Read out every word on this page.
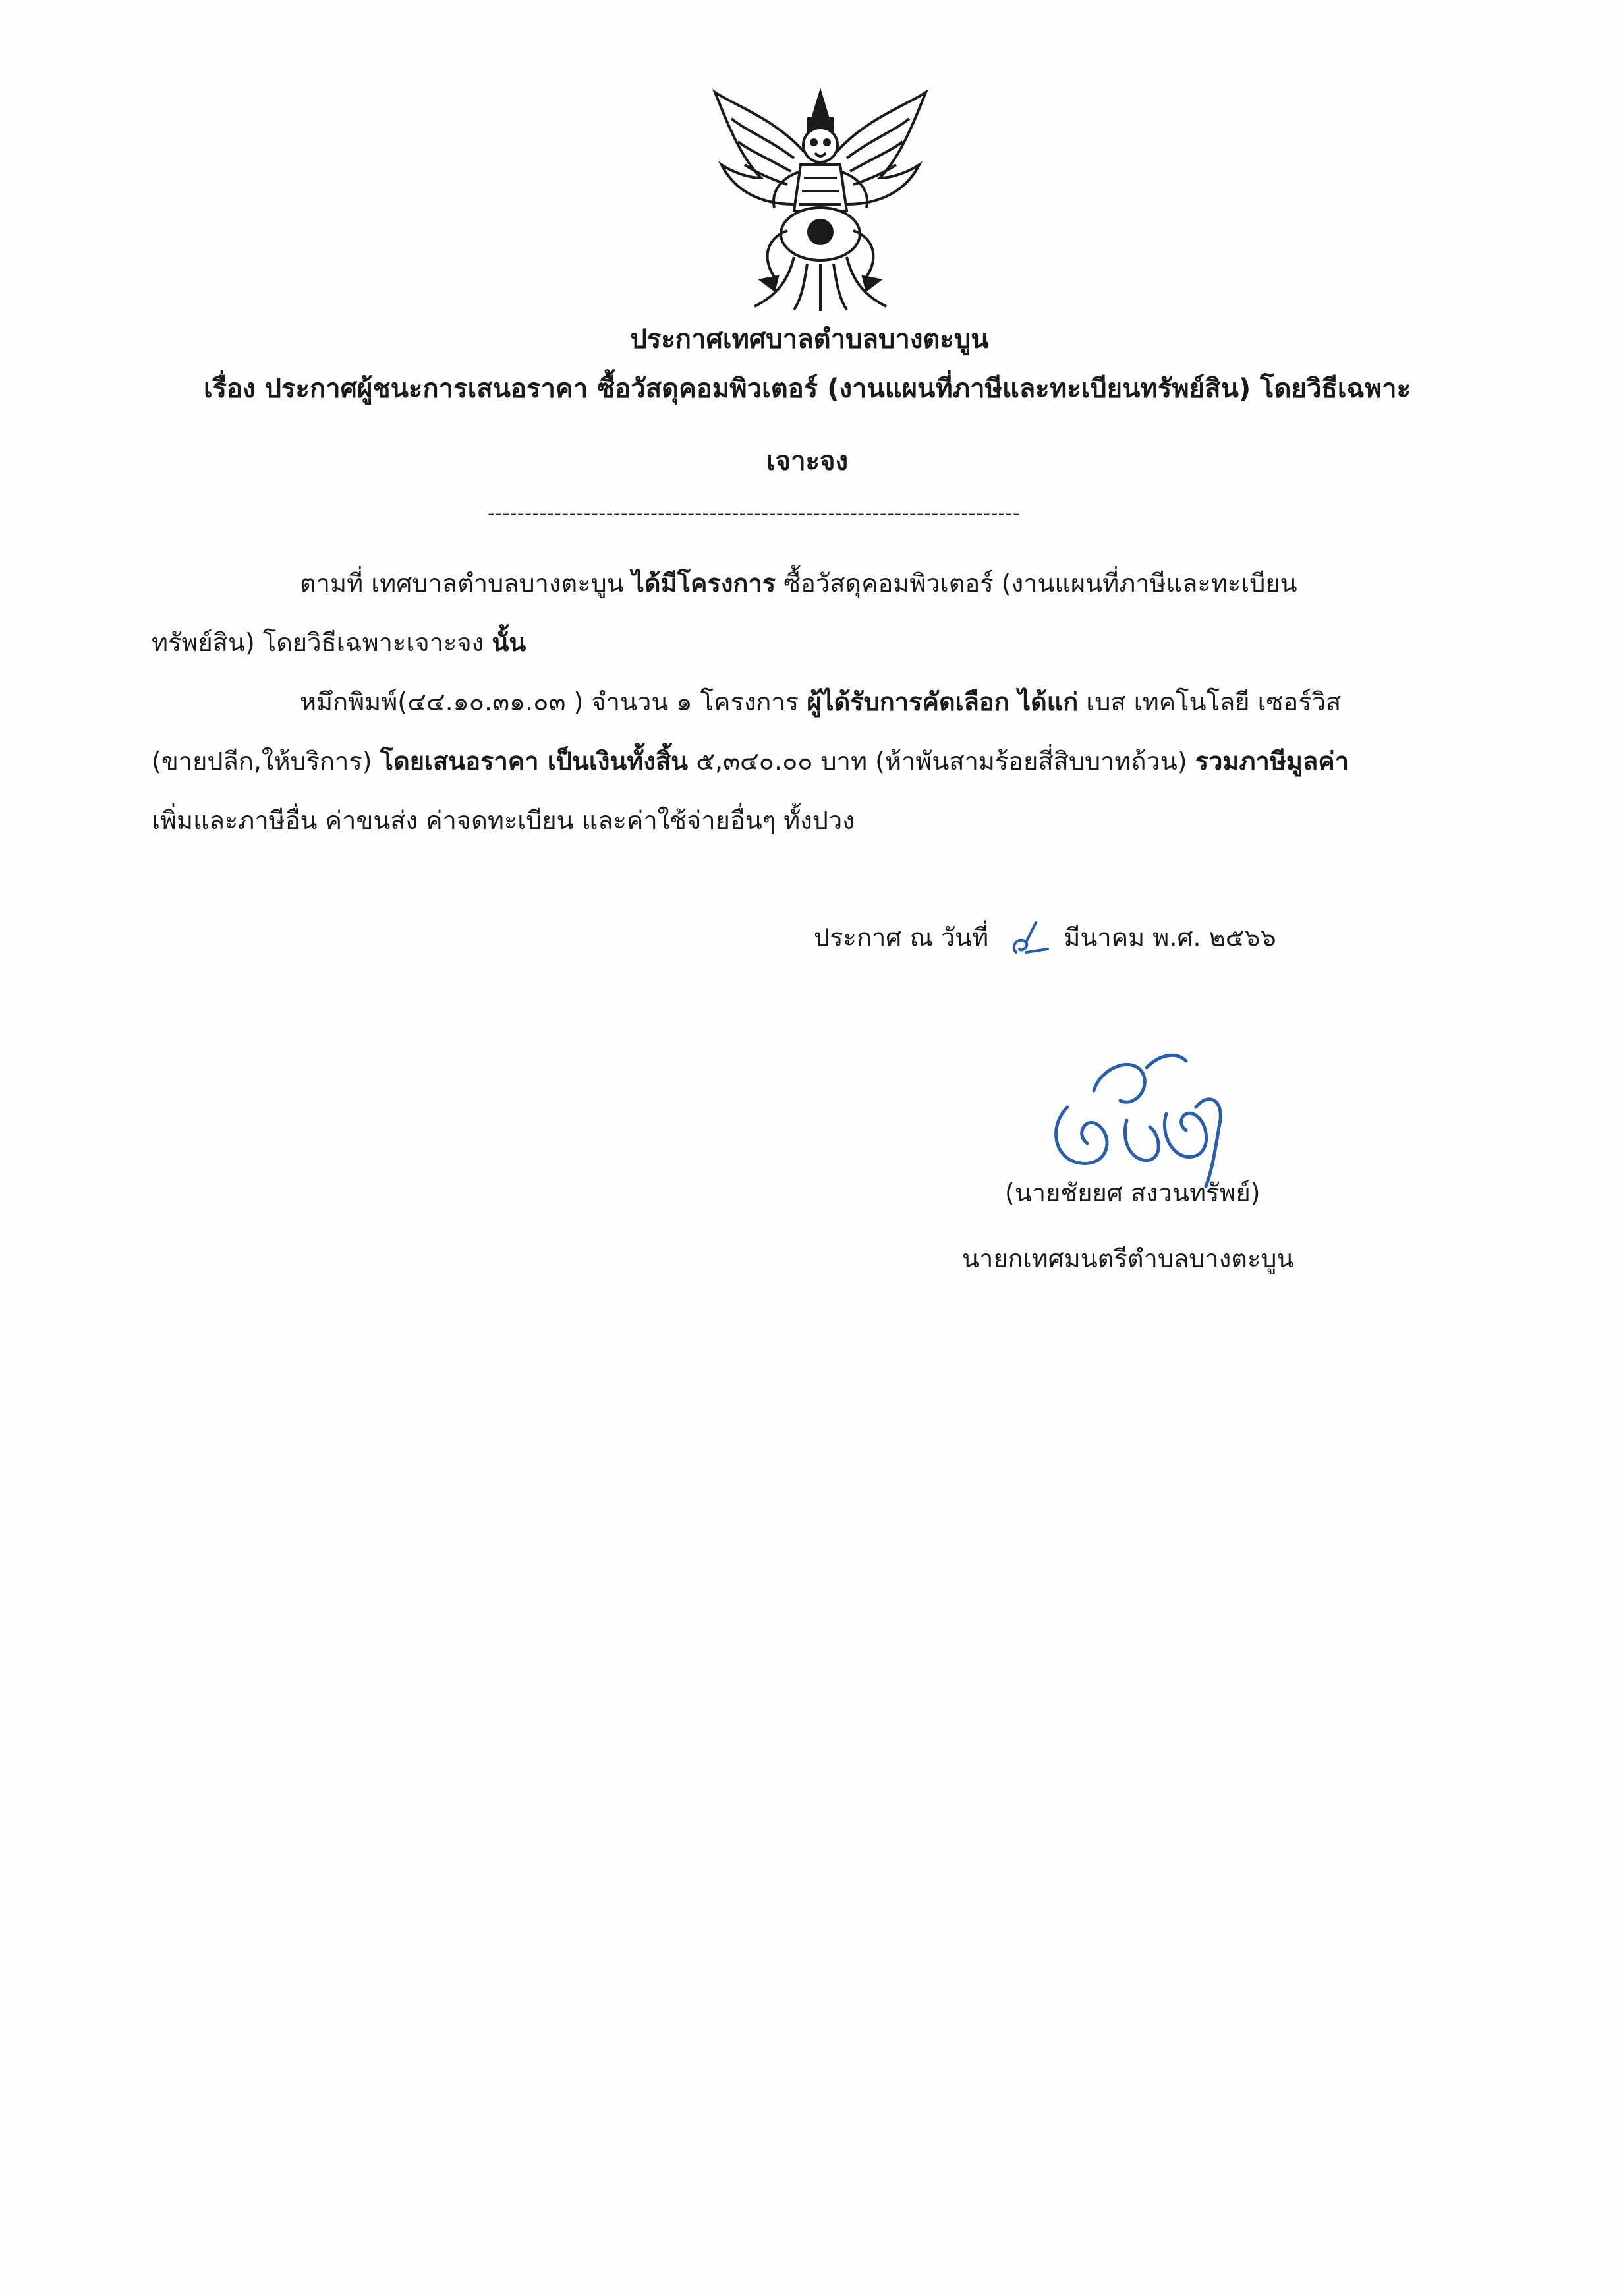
ประกาศเทศบาลตำบลบางตะบูน
เรื่อง ประกาศผู้ชนะการเสนอราคา ซื้อวัสดุคอมพิวเตอร์ (งานแผนที่ภาษีและทะเบียนทรัพย์สิน) โดยวิธีเฉพาะ
เจาะจง
------------------------------------------------------------------------
ตามที่ เทศบาลตำบลบางตะบูน ได้มีโครงการ ซื้อวัสดุคอมพิวเตอร์ (งานแผนที่ภาษีและทะเบียน
ทรัพย์สิน) โดยวิธีเฉพาะเจาะจง นั้น
หมึกพิมพ์(๔๔.๑๐.๓๑.๐๓ ) จำนวน ๑ โครงการ ผู้ได้รับการคัดเลือก ได้แก่ เบส เทคโนโลยี เซอร์วิส
(ขายปลีก,ให้บริการ) โดยเสนอราคา เป็นเงินทั้งสิ้น ๕,๓๔๐.๐๐ บาท (ห้าพันสามร้อยสี่สิบบาทถ้วน) รวมภาษีมูลค่า
เพิ่มและภาษีอื่น ค่าขนส่ง ค่าจดทะเบียน และค่าใช้จ่ายอื่นๆ ทั้งปวง
ประกาศ ณ วันที่	มีนาคม พ.ศ. ๒๕๖๖
(นายชัยยศ สงวนทรัพย์)
นายกเทศมนตรีตำบลบางตะบูน
